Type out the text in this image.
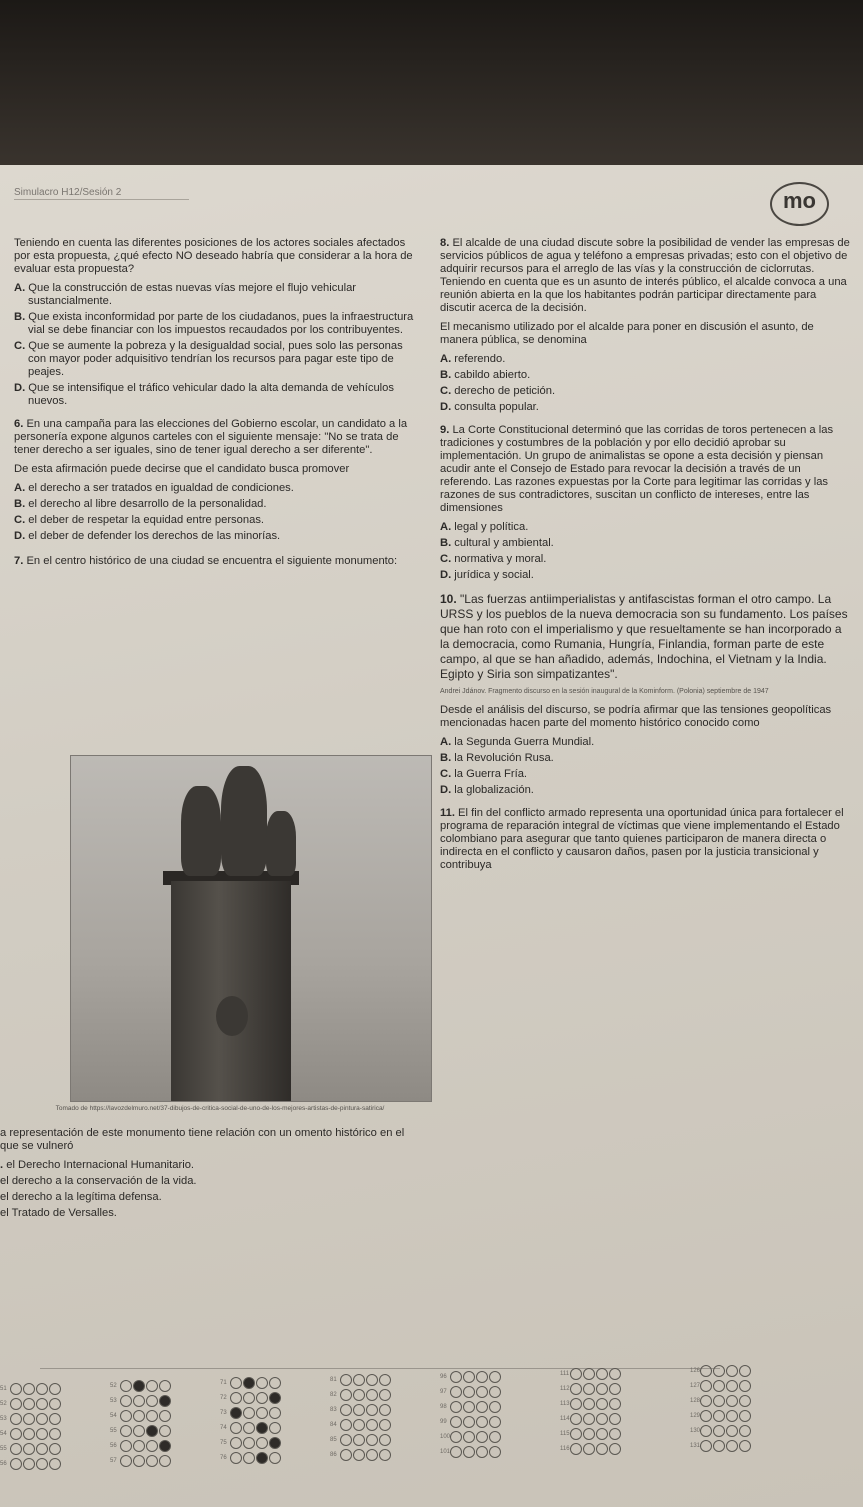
Simulacro H12/Sesión 2	mo

Teniendo en cuenta las diferentes posiciones de los actores sociales afectados por esta propuesta, ¿qué efecto NO deseado habría que considerar a la hora de evaluar esta propuesta?

A. Que la construcción de estas nuevas vías mejore el flujo vehicular sustancialmente.
B. Que exista inconformidad por parte de los ciudadanos, pues la infraestructura vial se debe financiar con los impuestos recaudados por los contribuyentes.
C. Que se aumente la pobreza y la desigualdad social, pues solo las personas con mayor poder adquisitivo tendrían los recursos para pagar este tipo de peajes.
D. Que se intensifique el tráfico vehicular dado la alta demanda de vehículos nuevos.

6. En una campaña para las elecciones del Gobierno escolar, un candidato a la personería expone algunos carteles con el siguiente mensaje: "No se trata de tener derecho a ser iguales, sino de tener igual derecho a ser diferente".

De esta afirmación puede decirse que el candidato busca promover

A. el derecho a ser tratados en igualdad de condiciones.
B. el derecho al libre desarrollo de la personalidad.
C. el deber de respetar la equidad entre personas.
D. el deber de defender los derechos de las minorías.

7. En el centro histórico de una ciudad se encuentra el siguiente monumento:

Tomado de https://lavozdelmuro.net/37-dibujos-de-critica-social-de-uno-de-los-mejores-artistas-de-pintura-satirica/

a representación de este monumento tiene relación con un omento histórico en el que se vulneró

. el Derecho Internacional Humanitario.
el derecho a la conservación de la vida.
el derecho a la legítima defensa.
el Tratado de Versalles.

8. El alcalde de una ciudad discute sobre la posibilidad de vender las empresas de servicios públicos de agua y teléfono a empresas privadas; esto con el objetivo de adquirir recursos para el arreglo de las vías y la construcción de ciclorrutas. Teniendo en cuenta que es un asunto de interés público, el alcalde convoca a una reunión abierta en la que los habitantes podrán participar directamente para discutir acerca de la decisión.

El mecanismo utilizado por el alcalde para poner en discusión el asunto, de manera pública, se denomina

A. referendo.
B. cabildo abierto.
C. derecho de petición.
D. consulta popular.

9. La Corte Constitucional determinó que las corridas de toros pertenecen a las tradiciones y costumbres de la población y por ello decidió aprobar su implementación. Un grupo de animalistas se opone a esta decisión y piensan acudir ante el Consejo de Estado para revocar la decisión a través de un referendo. Las razones expuestas por la Corte para legitimar las corridas y las razones de sus contradictores, suscitan un conflicto de intereses, entre las dimensiones

A. legal y política.
B. cultural y ambiental.
C. normativa y moral.
D. jurídica y social.

10. "Las fuerzas antiimperialistas y antifascistas forman el otro campo. La URSS y los pueblos de la nueva democracia son su fundamento. Los países que han roto con el imperialismo y que resueltamente se han incorporado a la democracia, como Rumania, Hungría, Finlandia, forman parte de este campo, al que se han añadido, además, Indochina, el Vietnam y la India. Egipto y Siria son simpatizantes".

Andrei Jdánov. Fragmento discurso en la sesión inaugural de la Kominform. (Polonia) septiembre de 1947

Desde el análisis del discurso, se podría afirmar que las tensiones geopolíticas mencionadas hacen parte del momento histórico conocido como

A. la Segunda Guerra Mundial.
B. la Revolución Rusa.
C. la Guerra Fría.
D. la globalización.

11. El fin del conflicto armado representa una oportunidad única para fortalecer el programa de reparación integral de víctimas que viene implementando el Estado colombiano para asegurar que tanto quienes participaron de manera directa o indirecta en el conflicto y causaron daños, pasen por la justicia transicional y contribuya

51
52
53
54
55
56
52
53
54
55
56
57
71
72
73
74
75
76
81
82
83
84
85
86
96
97
98
99
100
101
111
112
113
114
115
116
126
127
128
129
130
131
